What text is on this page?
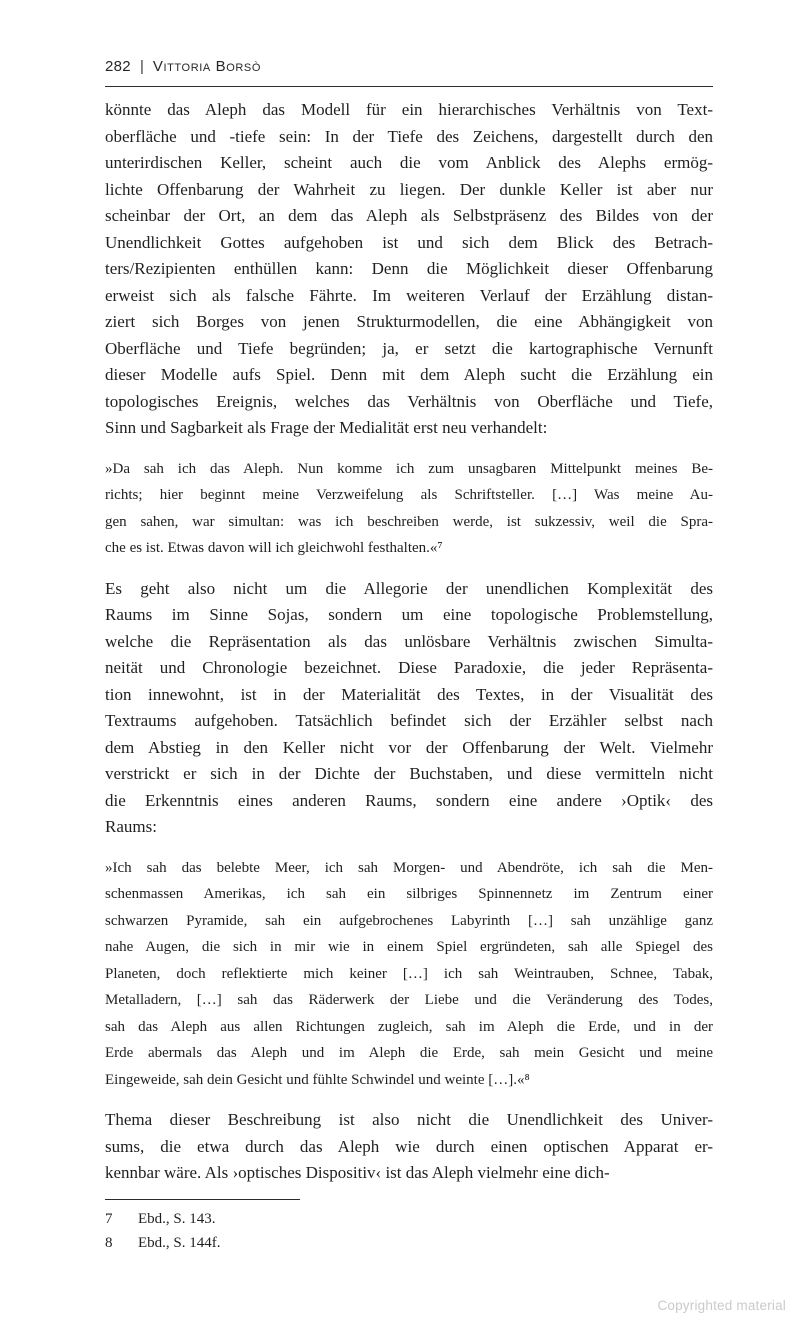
282 | Vittoria Borsò
könnte das Aleph das Modell für ein hierarchisches Verhältnis von Text-
oberfläche und -tiefe sein: In der Tiefe des Zeichens, dargestellt durch den
unterirdischen Keller, scheint auch die vom Anblick des Alephs ermög-
lichte Offenbarung der Wahrheit zu liegen. Der dunkle Keller ist aber nur
scheinbar der Ort, an dem das Aleph als Selbstpräsenz des Bildes von der
Unendlichkeit Gottes aufgehoben ist und sich dem Blick des Betrach-
ters/Rezipienten enthüllen kann: Denn die Möglichkeit dieser Offenbarung
erweist sich als falsche Fährte. Im weiteren Verlauf der Erzählung distan-
ziert sich Borges von jenen Strukturmodellen, die eine Abhängigkeit von
Oberfläche und Tiefe begründen; ja, er setzt die kartographische Vernunft
dieser Modelle aufs Spiel. Denn mit dem Aleph sucht die Erzählung ein
topologisches Ereignis, welches das Verhältnis von Oberfläche und Tiefe,
Sinn und Sagbarkeit als Frage der Medialität erst neu verhandelt:
»Da sah ich das Aleph. Nun komme ich zum unsagbaren Mittelpunkt meines Be-
richts; hier beginnt meine Verzweifelung als Schriftsteller. […] Was meine Au-
gen sahen, war simultan: was ich beschreiben werde, ist sukzessiv, weil die Spra-
che es ist. Etwas davon will ich gleichwohl festhalten.«⁷
Es geht also nicht um die Allegorie der unendlichen Komplexität des
Raums im Sinne Sojas, sondern um eine topologische Problemstellung,
welche die Repräsentation als das unlösbare Verhältnis zwischen Simulta-
neität und Chronologie bezeichnet. Diese Paradoxie, die jeder Repräsenta-
tion innewohnt, ist in der Materialität des Textes, in der Visualität des
Textraums aufgehoben. Tatsächlich befindet sich der Erzähler selbst nach
dem Abstieg in den Keller nicht vor der Offenbarung der Welt. Vielmehr
verstrickt er sich in der Dichte der Buchstaben, und diese vermitteln nicht
die Erkenntnis eines anderen Raums, sondern eine andere ›Optik‹ des
Raums:
»Ich sah das belebte Meer, ich sah Morgen- und Abendröte, ich sah die Men-
schenmassen Amerikas, ich sah ein silbriges Spinnennetz im Zentrum einer
schwarzen Pyramide, sah ein aufgebrochenes Labyrinth […] sah unzählige ganz
nahe Augen, die sich in mir wie in einem Spiel ergründeten, sah alle Spiegel des
Planeten, doch reflektierte mich keiner […] ich sah Weintrauben, Schnee, Tabak,
Metalladern, […] sah das Räderwerk der Liebe und die Veränderung des Todes,
sah das Aleph aus allen Richtungen zugleich, sah im Aleph die Erde, und in der
Erde abermals das Aleph und im Aleph die Erde, sah mein Gesicht und meine
Eingeweide, sah dein Gesicht und fühlte Schwindel und weinte […].«⁸
Thema dieser Beschreibung ist also nicht die Unendlichkeit des Univer-
sums, die etwa durch das Aleph wie durch einen optischen Apparat er-
kennbar wäre. Als ›optisches Dispositiv‹ ist das Aleph vielmehr eine dich-
7	Ebd., S. 143.
8	Ebd., S. 144f.
Copyrighted material
